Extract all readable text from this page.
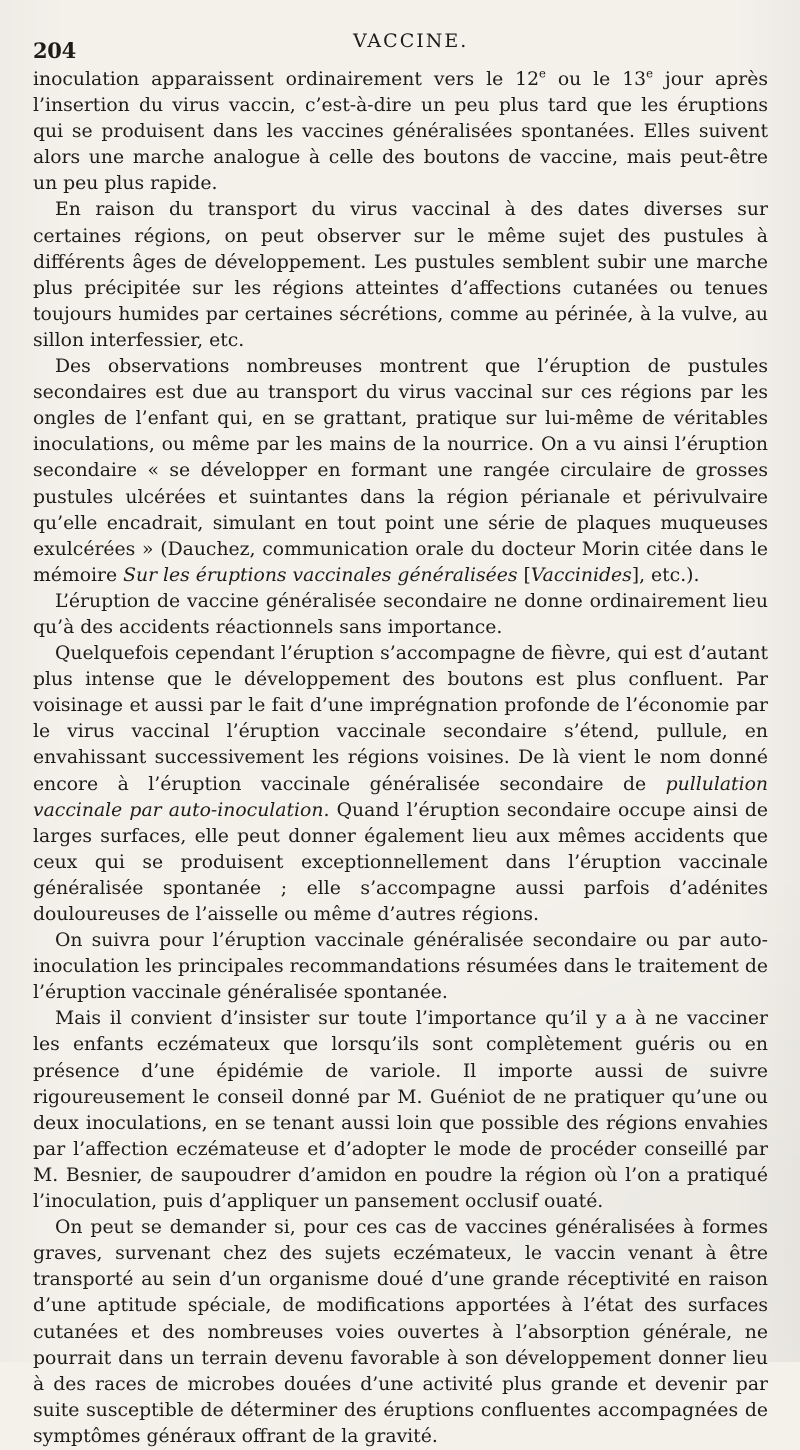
204	VACCINE.

inoculation apparaissent ordinairement vers le 12e ou le 13e jour après l’insertion du virus vaccin, c’est-à-dire un peu plus tard que les éruptions qui se produisent dans les vaccines généralisées spontanées. Elles suivent alors une marche analogue à celle des boutons de vaccine, mais peut-être un peu plus rapide.

En raison du transport du virus vaccinal à des dates diverses sur certaines régions, on peut observer sur le même sujet des pustules à différents âges de développement. Les pustules semblent subir une marche plus précipitée sur les régions atteintes d’affections cutanées ou tenues toujours humides par certaines sécrétions, comme au périnée, à la vulve, au sillon interfessier, etc.

Des observations nombreuses montrent que l’éruption de pustules secondaires est due au transport du virus vaccinal sur ces régions par les ongles de l’enfant qui, en se grattant, pratique sur lui-même de véritables inoculations, ou même par les mains de la nourrice. On a vu ainsi l’éruption secondaire « se développer en formant une rangée circulaire de grosses pustules ulcérées et suintantes dans la région périanale et périvulvaire qu’elle encadrait, simulant en tout point une série de plaques muqueuses exulcérées » (Dauchez, communication orale du docteur Morin citée dans le mémoire Sur les éruptions vaccinales généralisées [Vaccinides], etc.).

L’éruption de vaccine généralisée secondaire ne donne ordinairement lieu qu’à des accidents réactionnels sans importance.

Quelquefois cependant l’éruption s’accompagne de fièvre, qui est d’autant plus intense que le développement des boutons est plus confluent. Par voisinage et aussi par le fait d’une imprégnation profonde de l’économie par le virus vaccinal l’éruption vaccinale secondaire s’étend, pullule, en envahissant successivement les régions voisines. De là vient le nom donné encore à l’éruption vaccinale généralisée secondaire de pullulation vaccinale par auto-inoculation. Quand l’éruption secondaire occupe ainsi de larges surfaces, elle peut donner également lieu aux mêmes accidents que ceux qui se produisent exceptionnellement dans l’éruption vaccinale généralisée spontanée ; elle s’accompagne aussi parfois d’adénites douloureuses de l’aisselle ou même d’autres régions.

On suivra pour l’éruption vaccinale généralisée secondaire ou par auto-inoculation les principales recommandations résumées dans le traitement de l’éruption vaccinale généralisée spontanée.

Mais il convient d’insister sur toute l’importance qu’il y a à ne vacciner les enfants eczémateux que lorsqu’ils sont complètement guéris ou en présence d’une épidémie de variole. Il importe aussi de suivre rigoureusement le conseil donné par M. Guéniot de ne pratiquer qu’une ou deux inoculations, en se tenant aussi loin que possible des régions envahies par l’affection eczémateuse et d’adopter le mode de procéder conseillé par M. Besnier, de saupoudrer d’amidon en poudre la région où l’on a pratiqué l’inoculation, puis d’appliquer un pansement occlusif ouaté.

On peut se demander si, pour ces cas de vaccines généralisées à formes graves, survenant chez des sujets eczémateux, le vaccin venant à être transporté au sein d’un organisme doué d’une grande réceptivité en raison d’une aptitude spéciale, de modifications apportées à l’état des surfaces cutanées et des nombreuses voies ouvertes à l’absorption générale, ne pourrait dans un terrain devenu favorable à son développement donner lieu à des races de microbes douées d’une activité plus grande et devenir par suite susceptible de déterminer des éruptions confluentes accompagnées de symptômes généraux offrant de la gravité.
